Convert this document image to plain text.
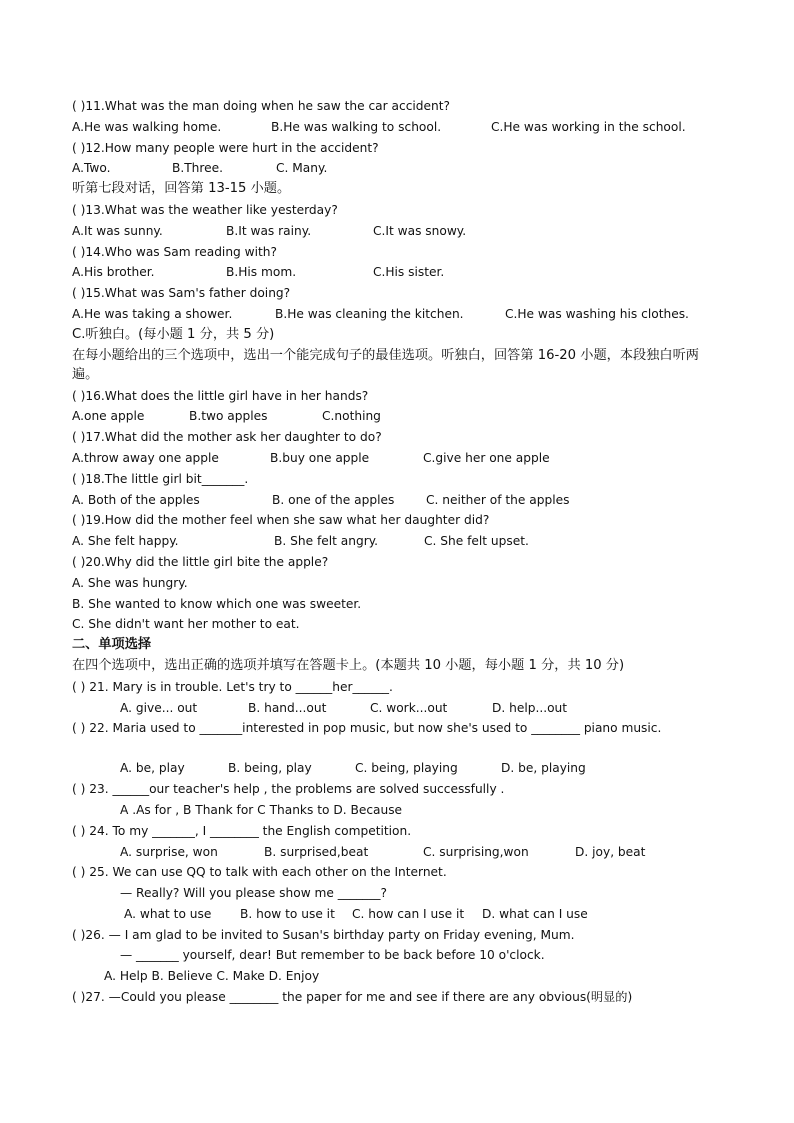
( )11.What was the man doing when he saw the car accident?
A.He was walking home.	B.He was walking to school.	C.He was working in the school.
( )12.How many people were hurt in the accident?
A.Two.	B.Three.	C. Many.
听第七段对话，回答第 13-15 小题。
( )13.What was the weather like yesterday?
A.It was sunny.	B.It was rainy.	C.It was snowy.
( )14.Who was Sam reading with?
A.His brother.	B.His mom.	C.His sister.
( )15.What was Sam's father doing?
A.He was taking a shower.	B.He was cleaning the kitchen.	C.He was washing his clothes.
C.听独白。(每小题 1 分，共 5 分)
在每小题给出的三个选项中，选出一个能完成句子的最佳选项。听独白，回答第 16-20 小题，本段独白听两遍。
( )16.What does the little girl have in her hands?
A.one apple	B.two apples	C.nothing
( )17.What did the mother ask her daughter to do?
A.throw away one apple	B.buy one apple	C.give her one apple
( )18.The little girl bit_______.
A. Both of the apples	B. one of the apples	C. neither of the apples
( )19.How did the mother feel when she saw what her daughter did?
A. She felt happy.	B. She felt angry.	C. She felt upset.
( )20.Why did the little girl bite the apple?
A. She was hungry.
B. She wanted to know which one was sweeter.
C. She didn't want her mother to eat.
二、单项选择
在四个选项中，选出正确的选项并填写在答题卡上。(本题共 10 小题，每小题 1 分，共 10 分)
( ) 21. Mary is in trouble. Let's try to ______her______.
A. give... out	B. hand...out	C. work...out	D. help...out
( ) 22. Maria used to _______interested in pop music, but now she's used to ________ piano music.
A. be, play	B. being, play	C. being, playing	D. be, playing
( ) 23. ______our teacher's help , the problems are solved successfully .
A .As for , B Thank for C Thanks to D. Because
( ) 24. To my _______, I ________ the English competition.
A. surprise, won	B. surprised,beat	C. surprising,won	D. joy, beat
( ) 25. We can use QQ to talk with each other on the Internet.
— Really? Will you please show me _______?
A. what to use B. how to use it C. how can I use it D. what can I use
( )26. — I am glad to be invited to Susan's birthday party on Friday evening, Mum.
— _______ yourself, dear! But remember to be back before 10 o'clock.
A. Help B. Believe C. Make D. Enjoy
( )27. —Could you please ________ the paper for me and see if there are any obvious(明显的)
